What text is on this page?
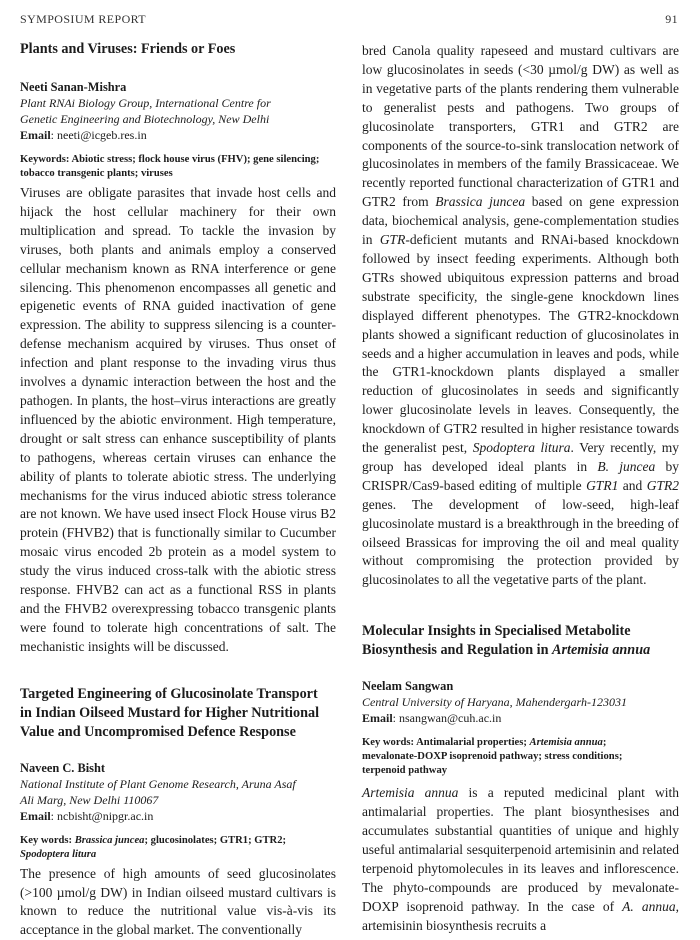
SYMPOSIUM REPORT	91

Plants and Viruses: Friends or Foes

Neeti Sanan-Mishra

Plant RNAi Biology Group, International Centre for

Genetic Engineering and Biotechnology, New Delhi

Email: neeti@icgeb.res.in

Keywords: Abiotic stress; flock house virus (FHV); gene silencing;

tobacco transgenic plants; viruses

Viruses are obligate parasites that invade host cells and hijack the host cellular machinery for their own multiplication and spread. To tackle the invasion by viruses, both plants and animals employ a conserved cellular mechanism known as RNA interference or gene silencing. This phenomenon encompasses all genetic and epigenetic events of RNA guided inactivation of gene expression. The ability to suppress silencing is a counter-defense mechanism acquired by viruses. Thus onset of infection and plant response to the invading virus thus involves a dynamic interaction between the host and the pathogen. In plants, the host–virus interactions are greatly influenced by the abiotic environment. High temperature, drought or salt stress can enhance susceptibility of plants to pathogens, whereas certain viruses can enhance the ability of plants to tolerate abiotic stress. The underlying mechanisms for the virus induced abiotic stress tolerance are not known. We have used insect Flock House virus B2 protein (FHVB2) that is functionally similar to Cucumber mosaic virus encoded 2b protein as a model system to study the virus induced cross-talk with the abiotic stress response. FHVB2 can act as a functional RSS in plants and the FHVB2 overexpressing tobacco transgenic plants were found to tolerate high concentrations of salt. The mechanistic insights will be discussed.

Targeted Engineering of Glucosinolate Transport

in Indian Oilseed Mustard for Higher Nutritional

Value and Uncompromised Defence Response

Naveen C. Bisht

National Institute of Plant Genome Research, Aruna Asaf

Ali Marg, New Delhi 110067

Email: ncbisht@nipgr.ac.in

Key words: Brassica juncea; glucosinolates; GTR1; GTR2;

Spodoptera litura

The presence of high amounts of seed glucosinolates (>100 µmol/g DW) in Indian oilseed mustard cultivars is known to reduce the nutritional value vis-à-vis its acceptance in the global market. The conventionally

bred Canola quality rapeseed and mustard cultivars are low glucosinolates in seeds (<30 µmol/g DW) as well as in vegetative parts of the plants rendering them vulnerable to generalist pests and pathogens. Two groups of glucosinolate transporters, GTR1 and GTR2 are components of the source-to-sink translocation network of glucosinolates in members of the family Brassicaceae. We recently reported functional characterization of GTR1 and GTR2 from Brassica juncea based on gene expression data, biochemical analysis, gene-complementation studies in GTR-deficient mutants and RNAi-based knockdown followed by insect feeding experiments. Although both GTRs showed ubiquitous expression patterns and broad substrate specificity, the single-gene knockdown lines displayed different phenotypes. The GTR2-knockdown plants showed a significant reduction of glucosinolates in seeds and a higher accumulation in leaves and pods, while the GTR1-knockdown plants displayed a smaller reduction of glucosinolates in seeds and significantly lower glucosinolate levels in leaves. Consequently, the knockdown of GTR2 resulted in higher resistance towards the generalist pest, Spodoptera litura. Very recently, my group has developed ideal plants in B. juncea by CRISPR/Cas9-based editing of multiple GTR1 and GTR2 genes. The development of low-seed, high-leaf glucosinolate mustard is a breakthrough in the breeding of oilseed Brassicas for improving the oil and meal quality without compromising the protection provided by glucosinolates to all the vegetative parts of the plant.

Molecular Insights in Specialised Metabolite

Biosynthesis and Regulation in Artemisia annua

Neelam Sangwan

Central University of Haryana, Mahendergarh-123031

Email: nsangwan@cuh.ac.in

Key words: Antimalarial properties; Artemisia annua;

mevalonate-DOXP isoprenoid pathway; stress conditions;

terpenoid pathway

Artemisia annua is a reputed medicinal plant with antimalarial properties. The plant biosynthesises and accumulates substantial quantities of unique and highly useful antimalarial sesquiterpenoid artemisinin and related terpenoid phytomolecules in its leaves and inflorescence. The phyto-compounds are produced by mevalonate-DOXP isoprenoid pathway. In the case of A. annua, artemisinin biosynthesis recruits a
